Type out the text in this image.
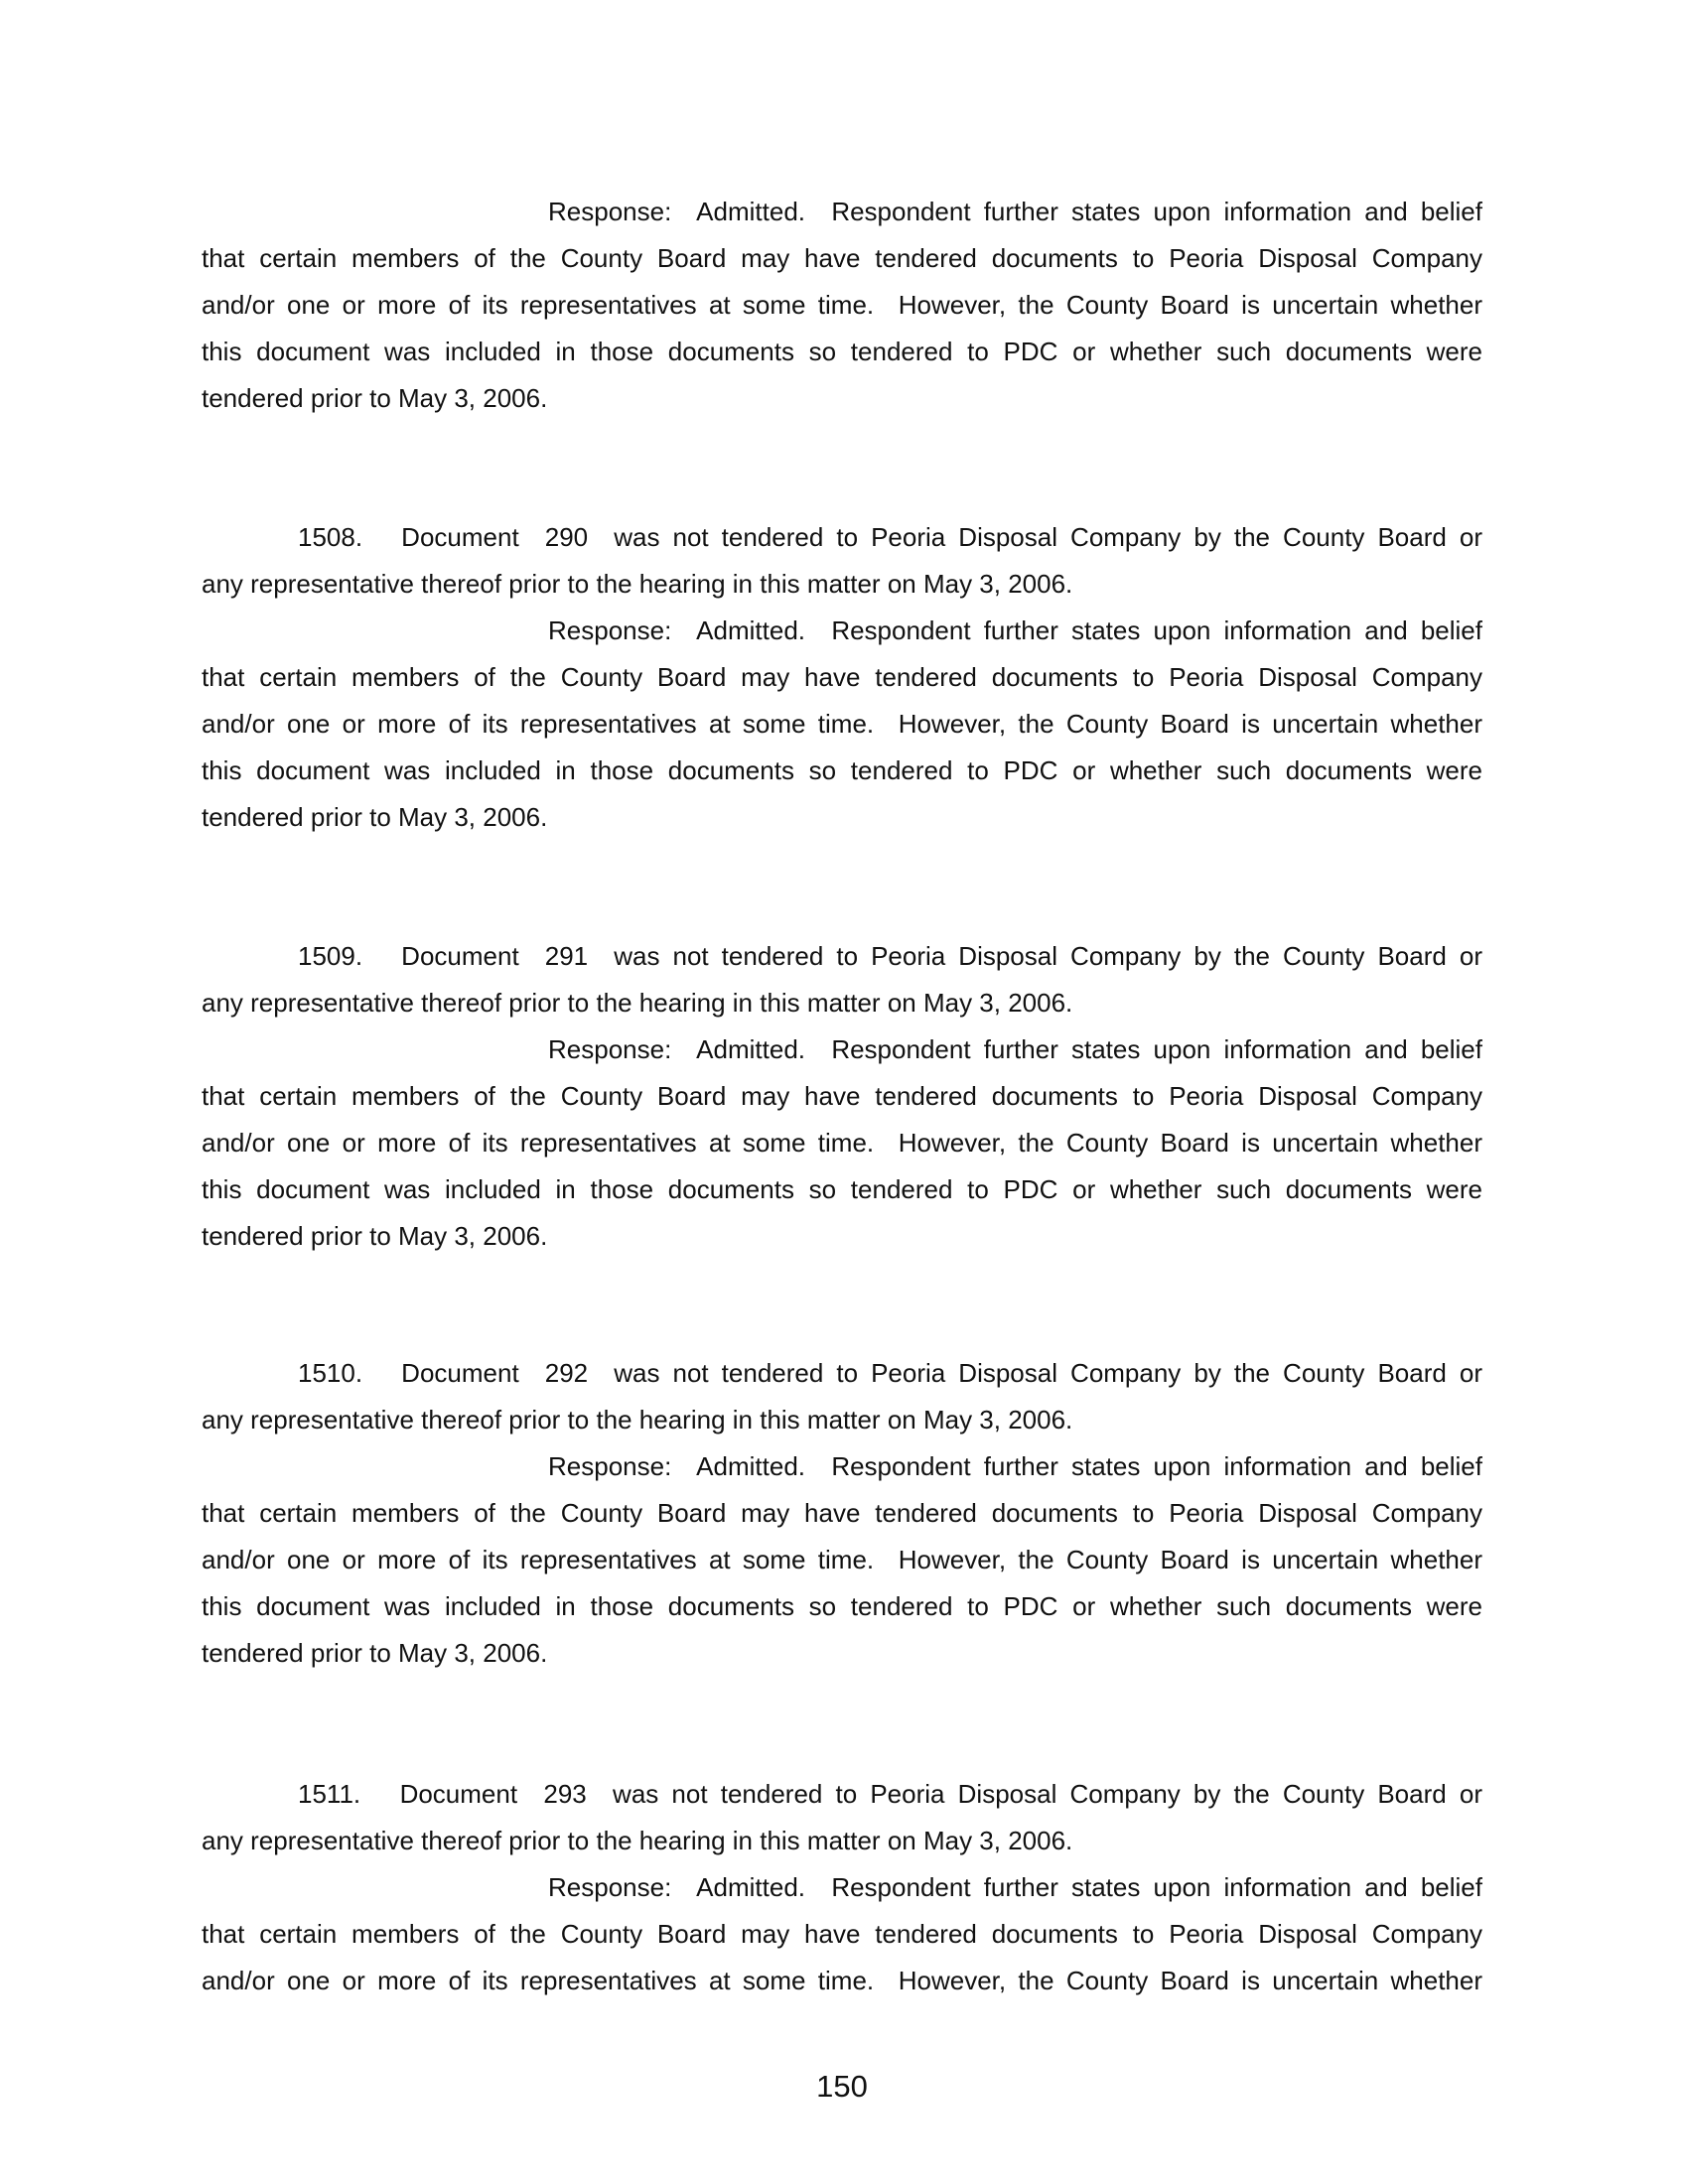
Response:  Admitted.  Respondent further states upon information and belief
that certain members of the County Board may have tendered documents to Peoria Disposal Company
and/or one or more of its representatives at some time.  However, the County Board is uncertain whether
this document was included in those documents so tendered to PDC or whether such documents were
tendered prior to May 3, 2006.
1508.   Document  290  was not tendered to Peoria Disposal Company by the County Board or
any representative thereof prior to the hearing in this matter on May 3, 2006.
Response:  Admitted.  Respondent further states upon information and belief
that certain members of the County Board may have tendered documents to Peoria Disposal Company
and/or one or more of its representatives at some time.  However, the County Board is uncertain whether
this document was included in those documents so tendered to PDC or whether such documents were
tendered prior to May 3, 2006.
1509.   Document  291  was not tendered to Peoria Disposal Company by the County Board or
any representative thereof prior to the hearing in this matter on May 3, 2006.
Response:  Admitted.  Respondent further states upon information and belief
that certain members of the County Board may have tendered documents to Peoria Disposal Company
and/or one or more of its representatives at some time.  However, the County Board is uncertain whether
this document was included in those documents so tendered to PDC or whether such documents were
tendered prior to May 3, 2006.
1510.   Document  292  was not tendered to Peoria Disposal Company by the County Board or
any representative thereof prior to the hearing in this matter on May 3, 2006.
Response:  Admitted.  Respondent further states upon information and belief
that certain members of the County Board may have tendered documents to Peoria Disposal Company
and/or one or more of its representatives at some time.  However, the County Board is uncertain whether
this document was included in those documents so tendered to PDC or whether such documents were
tendered prior to May 3, 2006.
1511.   Document  293  was not tendered to Peoria Disposal Company by the County Board or
any representative thereof prior to the hearing in this matter on May 3, 2006.
Response:  Admitted.  Respondent further states upon information and belief
that certain members of the County Board may have tendered documents to Peoria Disposal Company
and/or one or more of its representatives at some time.  However, the County Board is uncertain whether
150
